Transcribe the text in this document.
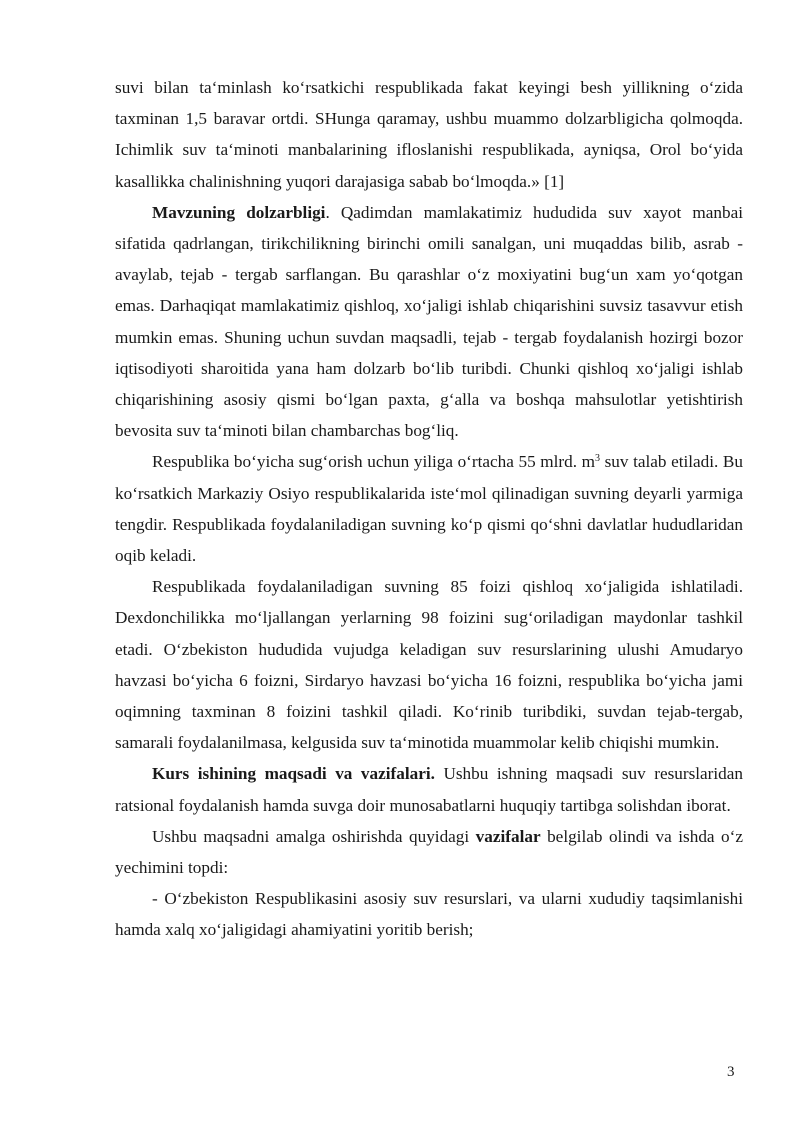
suvi bilan ta‘minlash ko‘rsatkichi respublikada fakat keyingi besh yillikning o‘zida taxminan 1,5 baravar ortdi. SHunga qaramay, ushbu muammo dolzarbligicha qolmoqda. Ichimlik suv ta‘minoti manbalarining ifloslanishi respublikada, ayniqsa, Orol bo‘yida kasallikka chalinishning yuqori darajasiga sabab bo‘lmoqda.» [1]

Mavzuning dolzarbligi. Qadimdan mamlakatimiz hududida suv xayot manbai sifatida qadrlangan, tirikchilikning birinchi omili sanalgan, uni muqaddas bilib, asrab - avaylab, tejab - tergab sarflangan. Bu qarashlar o‘z moxiyatini bug‘un xam yo‘qotgan emas. Darhaqiqat mamlakatimiz qishloq, xo‘jaligi ishlab chiqarishini suvsiz tasavvur etish mumkin emas. Shuning uchun suvdan maqsadli, tejab - tergab foydalanish hozirgi bozor iqtisodiyoti sharoitida yana ham dolzarb bo‘lib turibdi. Chunki qishloq xo‘jaligi ishlab chiqarishining asosiy qismi bo‘lgan paxta, g‘alla va boshqa mahsulotlar yetishtirish bevosita suv ta‘minoti bilan chambarchas bog‘liq.

Respublika bo‘yicha sug‘orish uchun yiliga o‘rtacha 55 mlrd. $m^3$ suv talab etiladi. Bu ko‘rsatkich Markaziy Osiyo respublikalarida iste‘mol qilinadigan suvning deyarli yarmiga tengdir. Respublikada foydalaniladigan suvning ko‘p qismi qo‘shni davlatlar hududlaridan oqib keladi.

Respublikada foydalaniladigan suvning 85 foizi qishloq xo‘jaligida ishlatiladi. Dexdonchilikka mo‘ljallangan yerlarning 98 foizini sug‘oriladigan maydonlar tashkil etadi. O‘zbekiston hududida vujudga keladigan suv resurslarining ulushi Amudaryo havzasi bo‘yicha 6 foizni, Sirdaryo havzasi bo‘yicha 16 foizni, respublika bo‘yicha jami oqimning taxminan 8 foizini tashkil qiladi. Ko‘rinib turibdiki, suvdan tejab-tergab, samarali foydalanilmasa, kelgusida suv ta‘minotida muammolar kelib chiqishi mumkin.

Kurs ishining maqsadi va vazifalari. Ushbu ishning maqsadi suv resurslaridan ratsional foydalanish hamda suvga doir munosabatlarni huquqiy tartibga solishdan iborat.

Ushbu maqsadni amalga oshirishda quyidagi vazifalar belgilab olindi va ishda o‘z yechimini topdi:

- O‘zbekiston Respublikasini asosiy suv resurslari, va ularni xududiy taqsimlanishi hamda xalq xo‘jaligidagi ahamiyatini yoritib berish;

3
